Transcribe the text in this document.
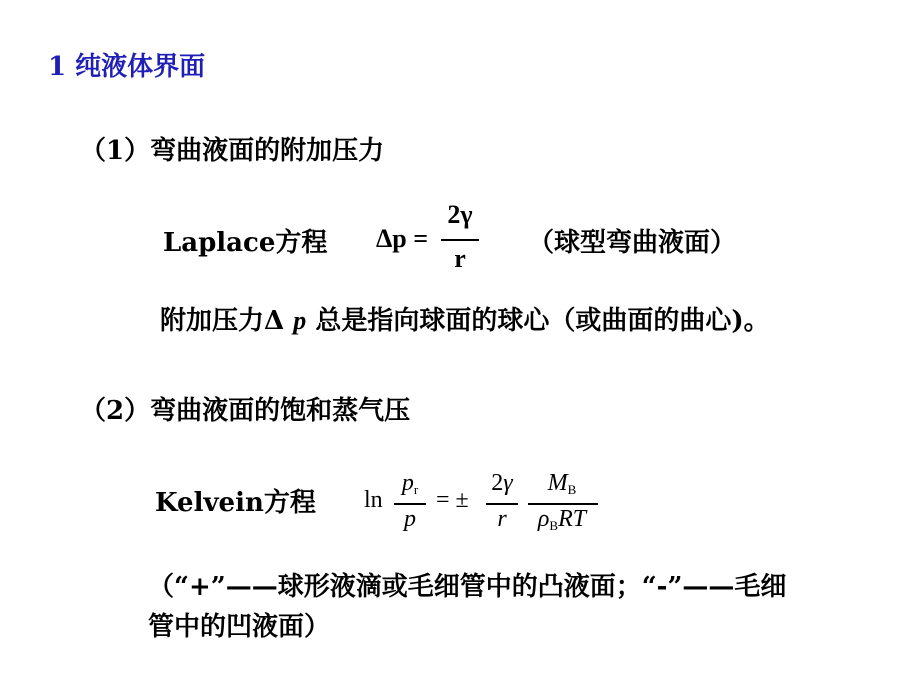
1 纯液体界面
（1）弯曲液面的附加压力
Laplace方程 Δp =
2γ
r
（球型弯曲液面）
附加压力Δ p 总是指向球面的球心（或曲面的曲心)。
（2）弯曲液面的饱和蒸气压
Kelvein方程 ln
pr
p
= ±
2γ
r
MB
ρBRT
（“+”——球形液滴或毛细管中的凸液面；“-”——毛细
管中的凹液面）
